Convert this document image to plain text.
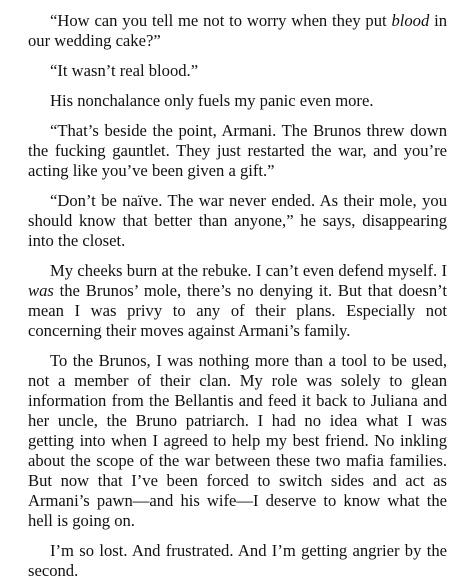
“How can you tell me not to worry when they put blood in our wedding cake?”

“It wasn’t real blood.”

His nonchalance only fuels my panic even more.

“That’s beside the point, Armani. The Brunos threw down the fucking gauntlet. They just restarted the war, and you’re acting like you’ve been given a gift.”

“Don’t be naïve. The war never ended. As their mole, you should know that better than anyone,” he says, disappearing into the closet.

My cheeks burn at the rebuke. I can’t even defend myself. I was the Brunos’ mole, there’s no denying it. But that doesn’t mean I was privy to any of their plans. Especially not concerning their moves against Armani’s family.

To the Brunos, I was nothing more than a tool to be used, not a member of their clan. My role was solely to glean information from the Bellantis and feed it back to Juliana and her uncle, the Bruno patriarch. I had no idea what I was getting into when I agreed to help my best friend. No inkling about the scope of the war between these two mafia families. But now that I’ve been forced to switch sides and act as Armani’s pawn—and his wife—I deserve to know what the hell is going on.

I’m so lost. And frustrated. And I’m getting angrier by the second.
